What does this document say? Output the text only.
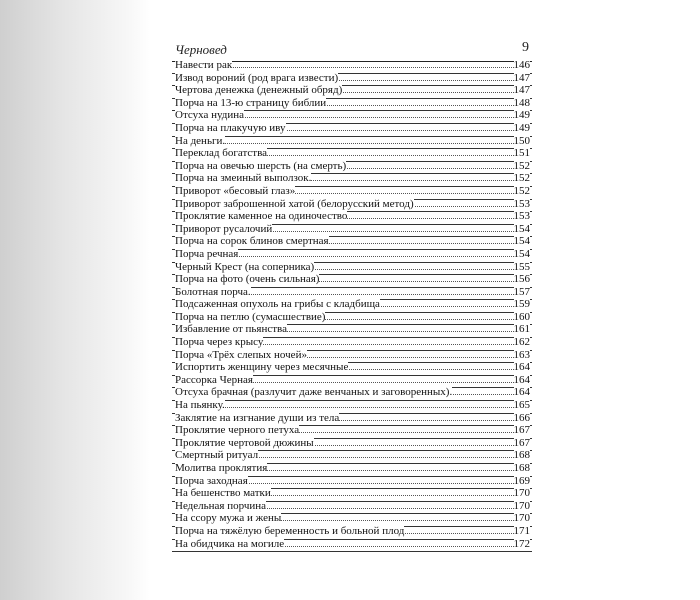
Черновед	9
Навести рак	146
Извод вороний (род врага извести)	147
Чертова денежка (денежный обряд)	147
Порча на 13-ю страницу библии	148
Отсуха нудина	149
Порча на плакучую иву	149
На деньги.	150
Переклад богатства	151
Порча на овечью шерсть (на смерть)	152
Порча на змеиный выползок.	152
Приворот «бесовый глаз»	152
Приворот заброшенной хатой (белорусский метод)	153
Проклятие каменное на одиночество	153
Приворот русалочий	154
Порча на сорок блинов смертная	154
Порча речная	154
Черный Крест (на соперника)	155
Порча на фото (очень сильная)	156
Болотная порча.	157
Подсаженная опухоль на грибы с кладбища	159
Порча на петлю (сумасшествие)	160
Избавление от пьянства	161
Порча через крысу	162
Порча «Трёх слепых ночей»	163
Испортить женщину через месячные	164
Рассорка Черная	164
Отсуха брачная (разлучит даже венчаных и заговоренных).	164
На пьянку.	165
Заклятие на изгнание души из тела	166
Проклятие черного петуха	167
Проклятие чертовой дюжины	167
Смертный ритуал	168
Молитва проклятия	168
Порча заходная	169
На бешенство матки	170
Недельная порчина	170
На ссору мужа и жены	170
Порча на тяжёлую беременность и больной плод	171
На обидчика на могиле	172
